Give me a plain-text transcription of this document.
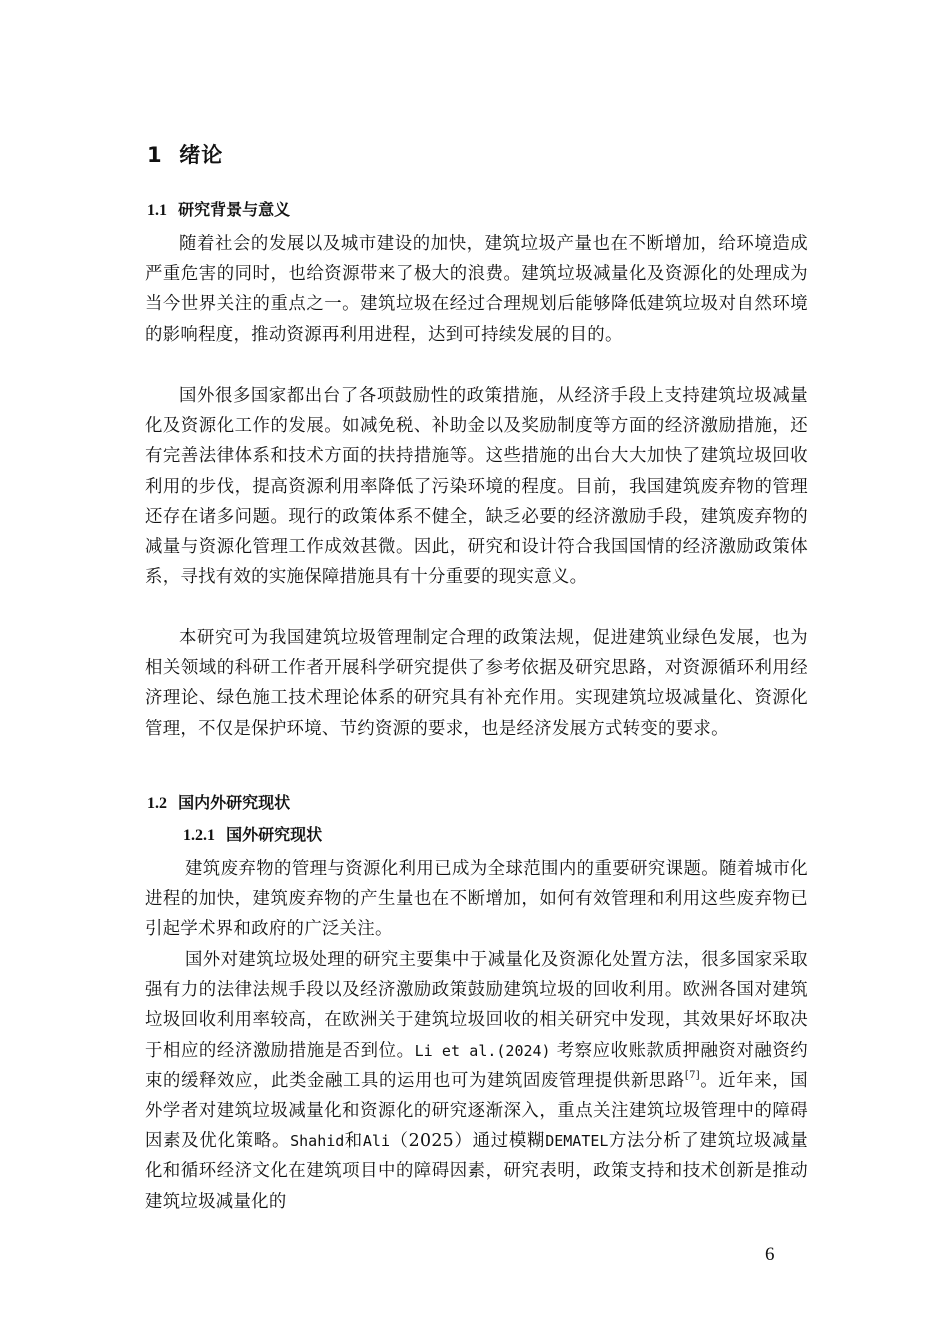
1 绪论
1.1 研究背景与意义

随着社会的发展以及城市建设的加快，建筑垃圾产量也在不断增加，给环境造成严重危害的同时，也给资源带来了极大的浪费。建筑垃圾减量化及资源化的处理成为当今世界关注的重点之一。建筑垃圾在经过合理规划后能够降低建筑垃圾对自然环境的影响程度，推动资源再利用进程，达到可持续发展的目的。

国外很多国家都出台了各项鼓励性的政策措施，从经济手段上支持建筑垃圾减量化及资源化工作的发展。如减免税、补助金以及奖励制度等方面的经济激励措施，还有完善法律体系和技术方面的扶持措施等。这些措施的出台大大加快了建筑垃圾回收利用的步伐，提高资源利用率降低了污染环境的程度。目前，我国建筑废弃物的管理还存在诸多问题。现行的政策体系不健全，缺乏必要的经济激励手段，建筑废弃物的减量与资源化管理工作成效甚微。因此，研究和设计符合我国国情的经济激励政策体系，寻找有效的实施保障措施具有十分重要的现实意义。

本研究可为我国建筑垃圾管理制定合理的政策法规，促进建筑业绿色发展，也为相关领域的科研工作者开展科学研究提供了参考依据及研究思路，对资源循环利用经济理论、绿色施工技术理论体系的研究具有补充作用。实现建筑垃圾减量化、资源化管理，不仅是保护环境、节约资源的要求，也是经济发展方式转变的要求。

1.2 国内外研究现状
1.2.1 国外研究现状

建筑废弃物的管理与资源化利用已成为全球范围内的重要研究课题。随着城市化进程的加快，建筑废弃物的产生量也在不断增加，如何有效管理和利用这些废弃物已引起学术界和政府的广泛关注。

国外对建筑垃圾处理的研究主要集中于减量化及资源化处置方法，很多国家采取强有力的法律法规手段以及经济激励政策鼓励建筑垃圾的回收利用。欧洲各国对建筑垃圾回收利用率较高，在欧洲关于建筑垃圾回收的相关研究中发现，其效果好坏取决于相应的经济激励措施是否到位。Li et al.(2024) 考察应收账款质押融资对融资约束的缓释效应，此类金融工具的运用也可为建筑固废管理提供新思路[7]。近年来，国外学者对建筑垃圾减量化和资源化的研究逐渐深入，重点关注建筑垃圾管理中的障碍因素及优化策略。Shahid和Ali（2025）通过模糊DEMATEL方法分析了建筑垃圾减量化和循环经济文化在建筑项目中的障碍因素，研究表明，政策支持和技术创新是推动建筑垃圾减量化的

6
